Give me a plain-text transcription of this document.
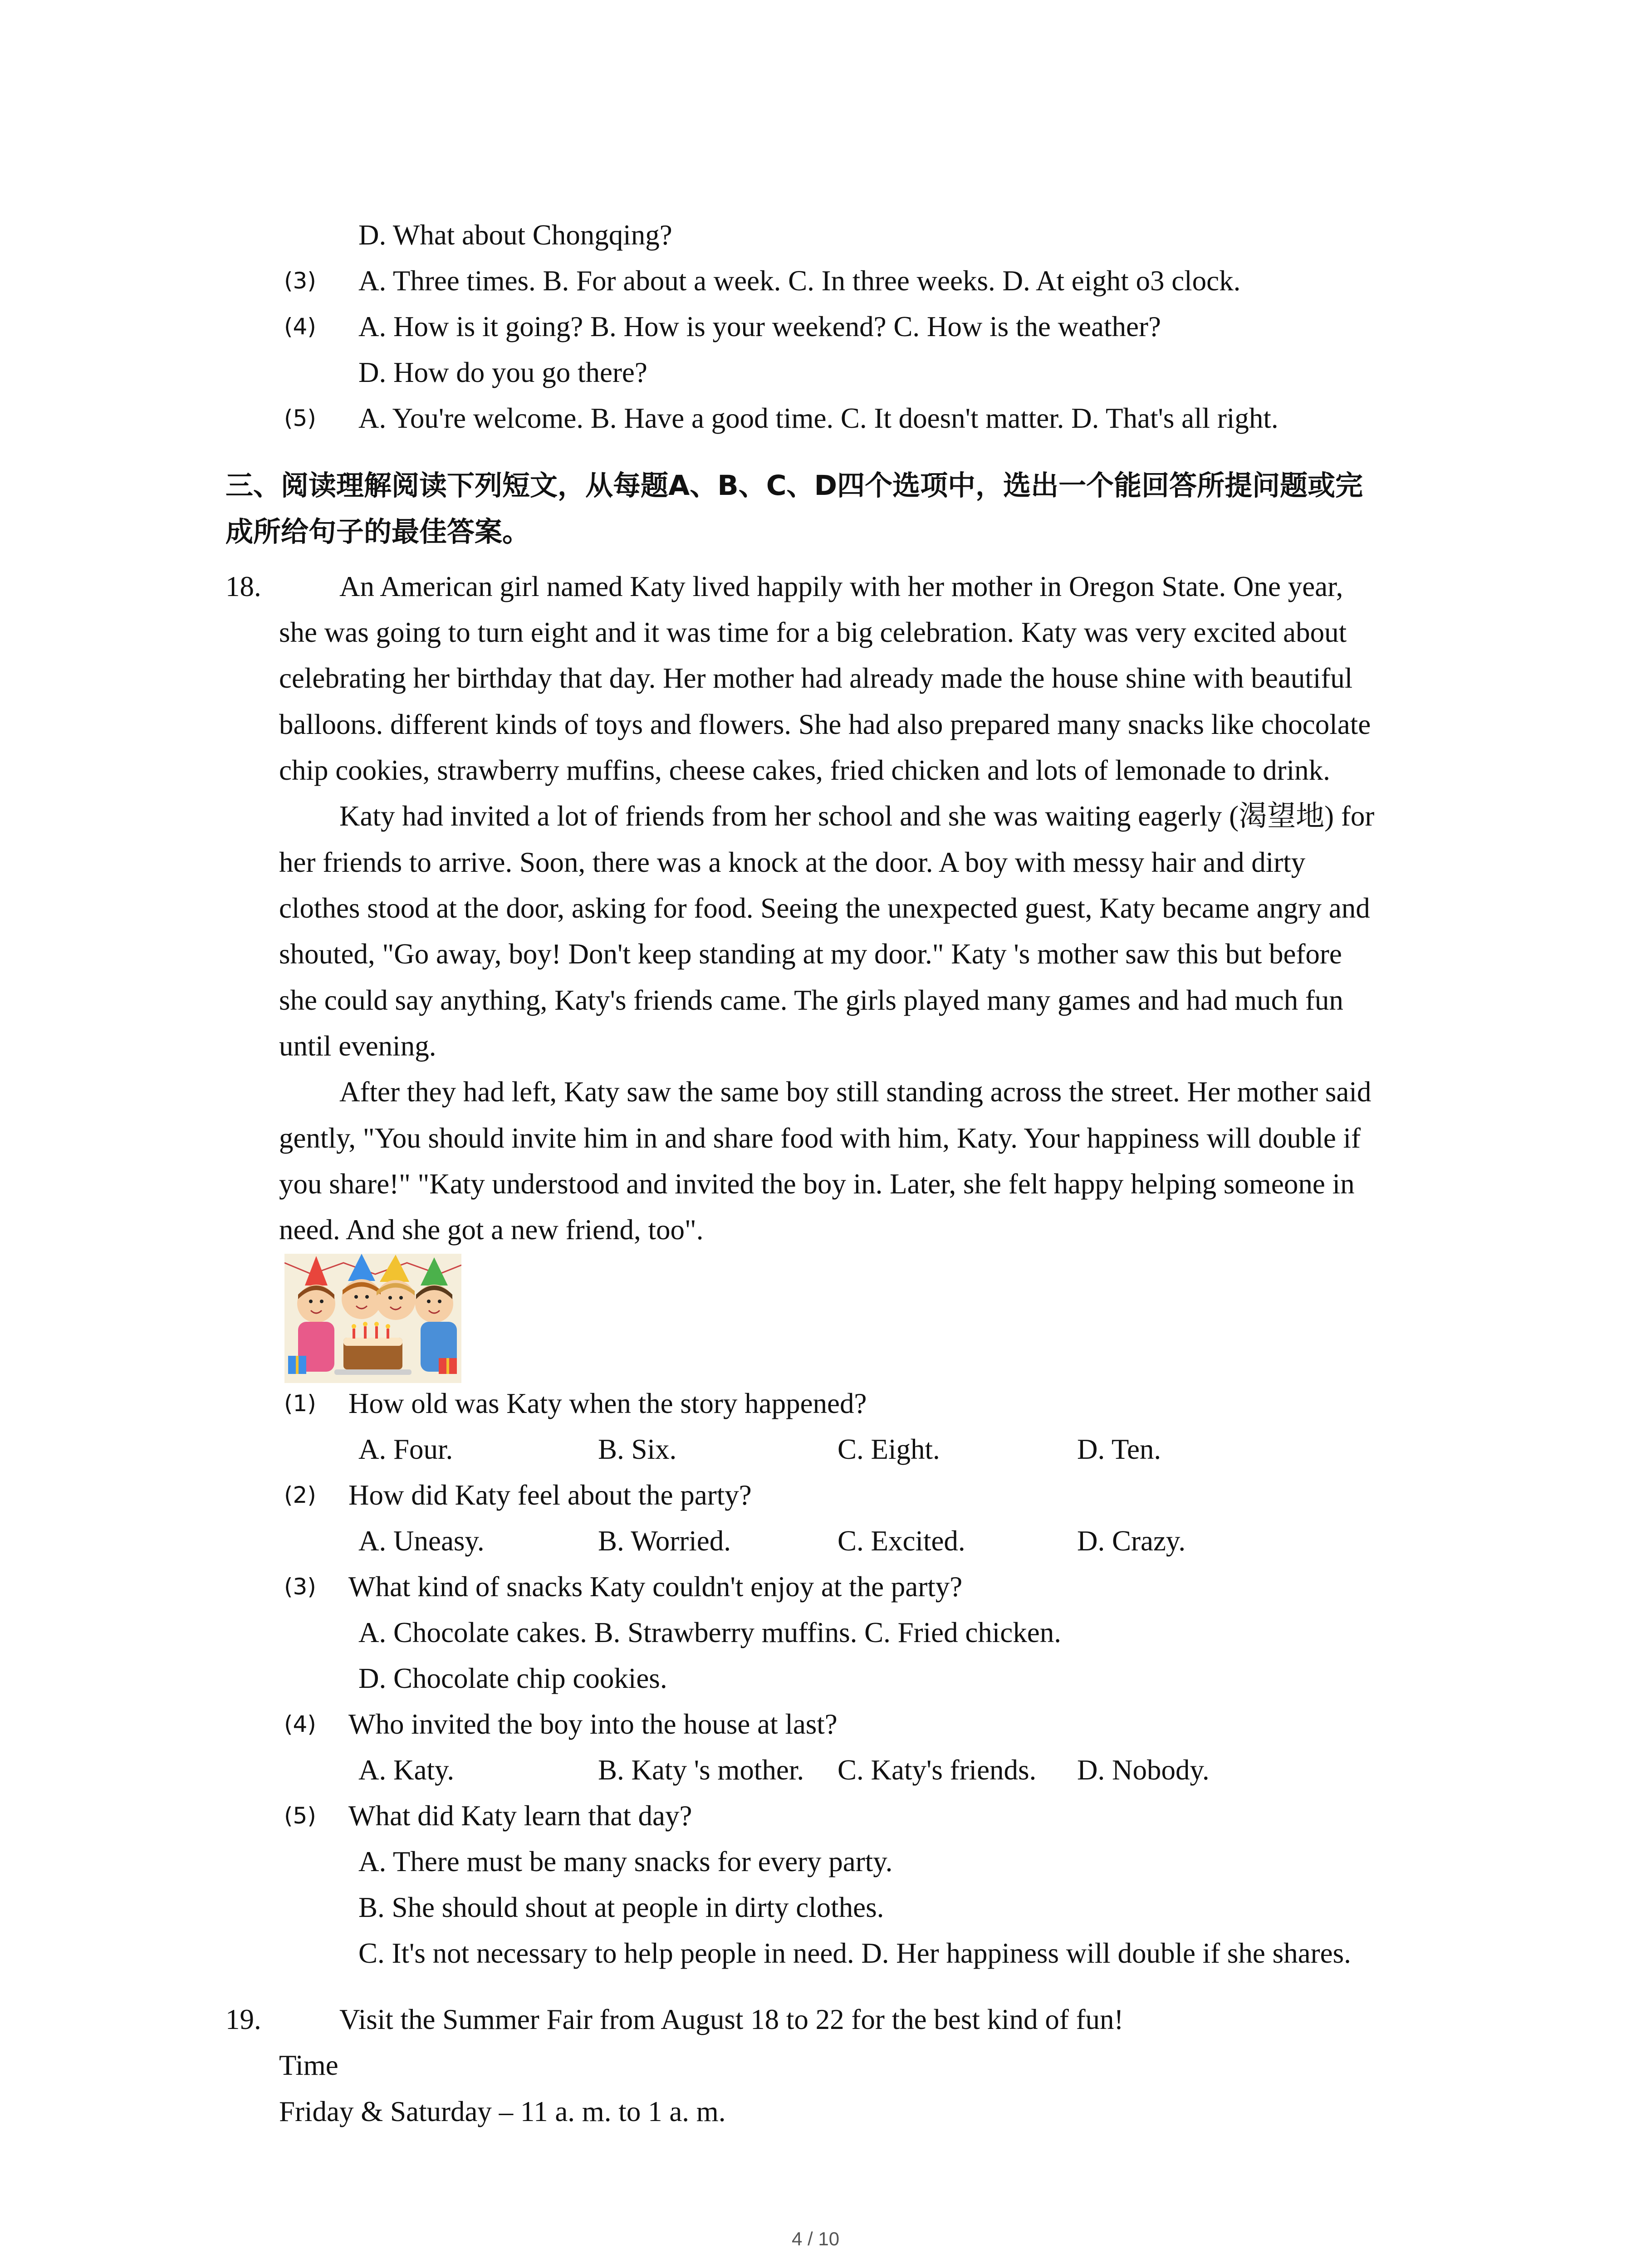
D. What about Chongqing?
(3) A. Three times. B. For about a week. C. In three weeks. D. At eight o3 clock.
(4) A. How is it going? B. How is your weekend? C. How is the weather?
D. How do you go there?
(5) A. You're welcome. B. Have a good time. C. It doesn't matter. D. That's all right.
三、阅读理解阅读下列短文，从每题A、B、C、D四个选项中，选出一个能回答所提问题或完
成所给句子的最佳答案。
18.	An American girl named Katy lived happily with her mother in Oregon State. One year,
she was going to turn eight and it was time for a big celebration. Katy was very excited about
celebrating her birthday that day. Her mother had already made the house shine with beautiful
balloons. different kinds of toys and flowers. She had also prepared many snacks like chocolate
chip cookies, strawberry muffins, cheese cakes, fried chicken and lots of lemonade to drink.
Katy had invited a lot of friends from her school and she was waiting eagerly (渴望地) for
her friends to arrive. Soon, there was a knock at the door. A boy with messy hair and dirty
clothes stood at the door, asking for food. Seeing the unexpected guest, Katy became angry and
shouted, "Go away, boy! Don't keep standing at my door." Katy 's mother saw this but before
she could say anything, Katy's friends came. The girls played many games and had much fun
until evening.
After they had left, Katy saw the same boy still standing across the street. Her mother said
gently, "You should invite him in and share food with him, Katy. Your happiness will double if
you share!" "Katy understood and invited the boy in. Later, she felt happy helping someone in
need. And she got a new friend, too".
(1) How old was Katy when the story happened?
A. Four.	B. Six.	C. Eight.	D. Ten.
(2) How did Katy feel about the party?
A. Uneasy.	B. Worried.	C. Excited.	D. Crazy.
(3) What kind of snacks Katy couldn't enjoy at the party?
A. Chocolate cakes. B. Strawberry muffins. C. Fried chicken.
D. Chocolate chip cookies.
(4) Who invited the boy into the house at last?
A. Katy.	B. Katy 's mother. C. Katy's friends. D. Nobody.
(5) What did Katy learn that day?
A. There must be many snacks for every party.
B. She should shout at people in dirty clothes.
C. It's not necessary to help people in need. D. Her happiness will double if she shares.
19.	Visit the Summer Fair from August 18 to 22 for the best kind of fun!
Time
Friday & Saturday – 11 a. m. to 1 a. m.
4 / 10
